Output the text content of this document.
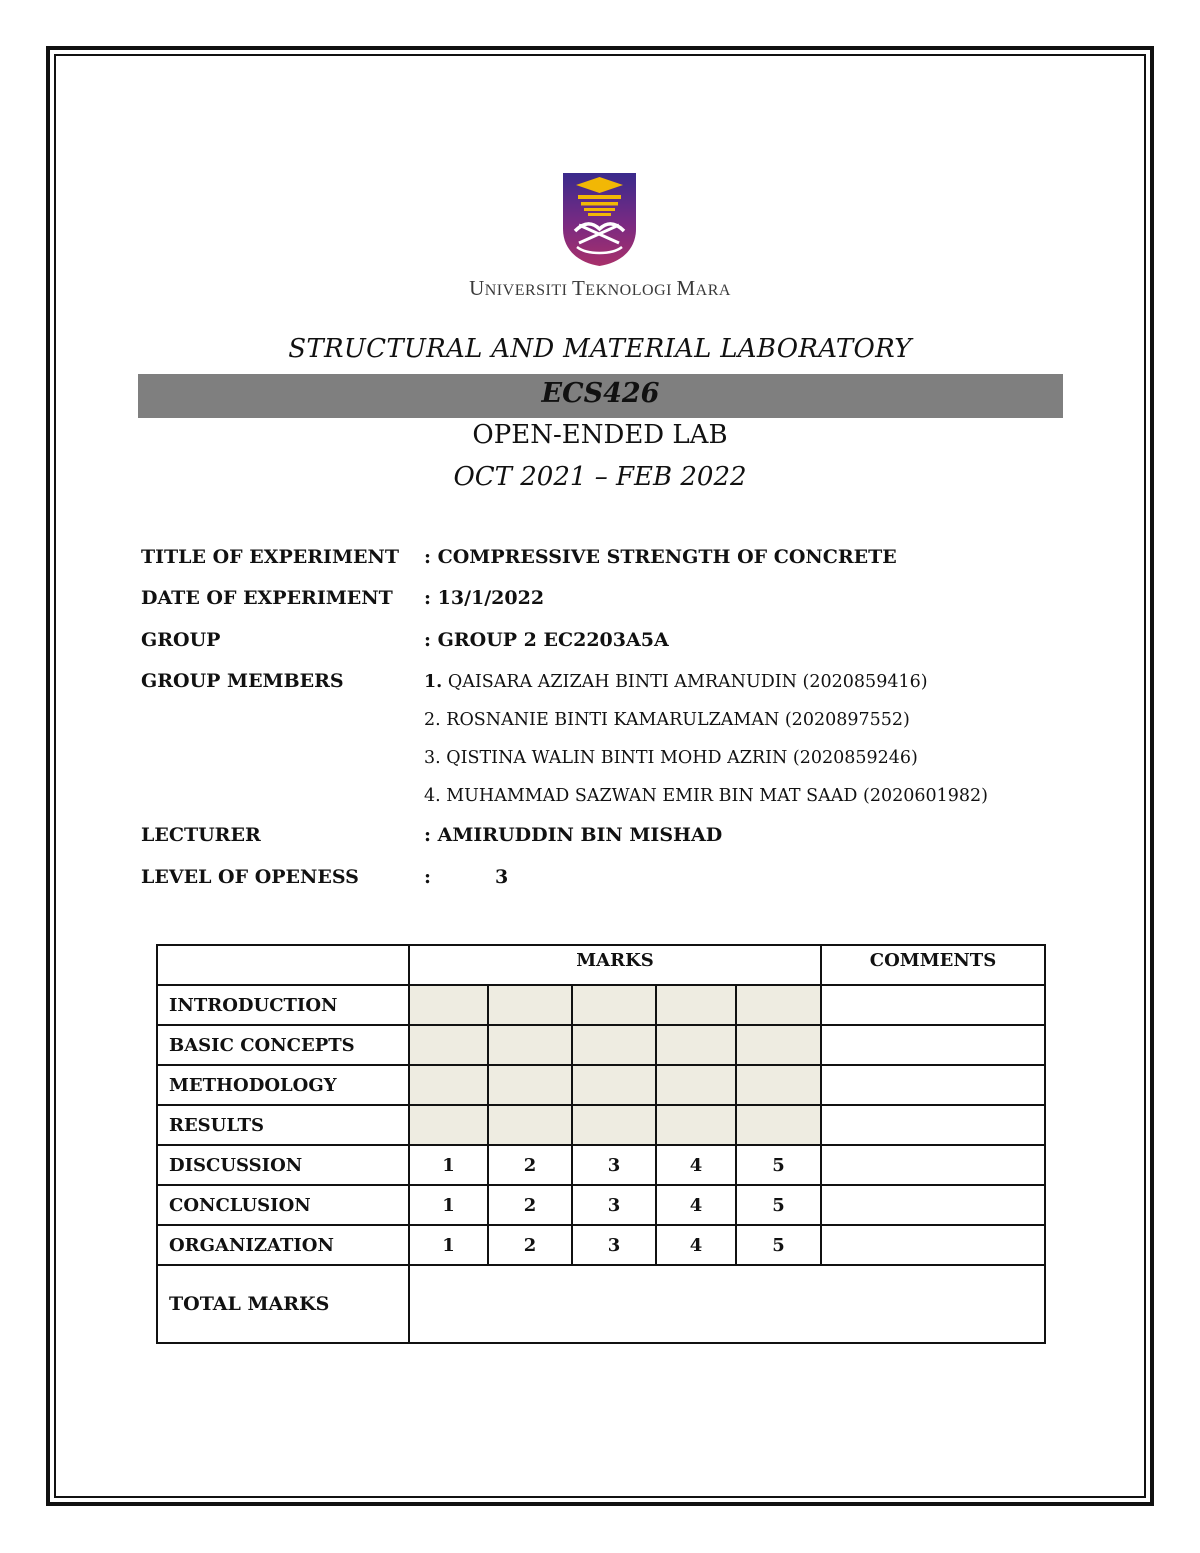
UNIVERSITI TEKNOLOGI MARA
STRUCTURAL AND MATERIAL LABORATORY
ECS426
OPEN-ENDED LAB
OCT 2021 – FEB 2022
TITLE OF EXPERIMENT : COMPRESSIVE STRENGTH OF CONCRETE
DATE OF EXPERIMENT : 13/1/2022
GROUP	: GROUP 2 EC2203A5A
GROUP MEMBERS	1. QAISARA AZIZAH BINTI AMRANUDIN (2020859416)
2. ROSNANIE BINTI KAMARULZAMAN (2020897552)
3. QISTINA WALIN BINTI MOHD AZRIN (2020859246)
4. MUHAMMAD SAZWAN EMIR BIN MAT SAAD (2020601982)
LECTURER	: AMIRUDDIN BIN MISHAD
LEVEL OF OPENESS	:	3
	MARKS					COMMENTS
INTRODUCTION						
BASIC CONCEPTS						
METHODOLOGY						
RESULTS						
DISCUSSION	1	2	3	4	5	
CONCLUSION	1	2	3	4	5	
ORGANIZATION	1	2	3	4	5	
TOTAL MARKS						
